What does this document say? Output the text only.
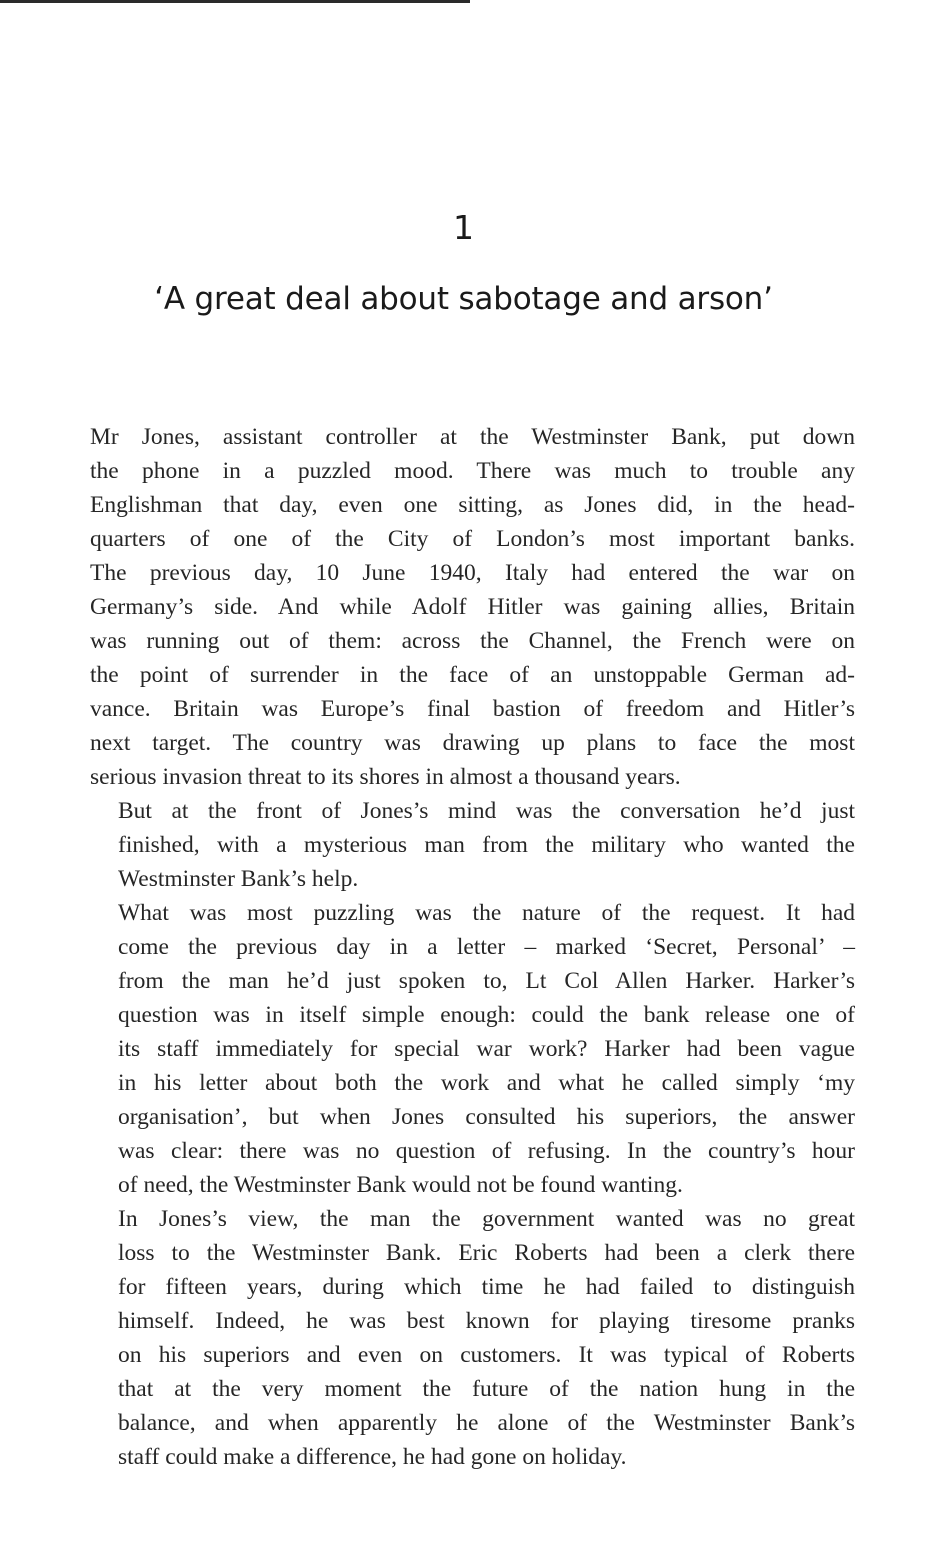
1
‘A great deal about sabotage and arson’

Mr Jones, assistant controller at the Westminster Bank, put down
the phone in a puzzled mood. There was much to trouble any
Englishman that day, even one sitting, as Jones did, in the head-
quarters of one of the City of London’s most important banks.
The previous day, 10 June 1940, Italy had entered the war on
Germany’s side. And while Adolf Hitler was gaining allies, Britain
was running out of them: across the Channel, the French were on
the point of surrender in the face of an unstoppable German ad-
vance. Britain was Europe’s final bastion of freedom and Hitler’s
next target. The country was drawing up plans to face the most
serious invasion threat to its shores in almost a thousand years.

But at the front of Jones’s mind was the conversation he’d just
finished, with a mysterious man from the military who wanted the
Westminster Bank’s help.

What was most puzzling was the nature of the request. It had
come the previous day in a letter – marked ‘Secret, Personal’ –
from the man he’d just spoken to, Lt Col Allen Harker. Harker’s
question was in itself simple enough: could the bank release one of
its staff immediately for special war work? Harker had been vague
in his letter about both the work and what he called simply ‘my
organisation’, but when Jones consulted his superiors, the answer
was clear: there was no question of refusing. In the country’s hour
of need, the Westminster Bank would not be found wanting.

In Jones’s view, the man the government wanted was no great
loss to the Westminster Bank. Eric Roberts had been a clerk there
for fifteen years, during which time he had failed to distinguish
himself. Indeed, he was best known for playing tiresome pranks
on his superiors and even on customers. It was typical of Roberts
that at the very moment the future of the nation hung in the
balance, and when apparently he alone of the Westminster Bank’s
staff could make a difference, he had gone on holiday.
